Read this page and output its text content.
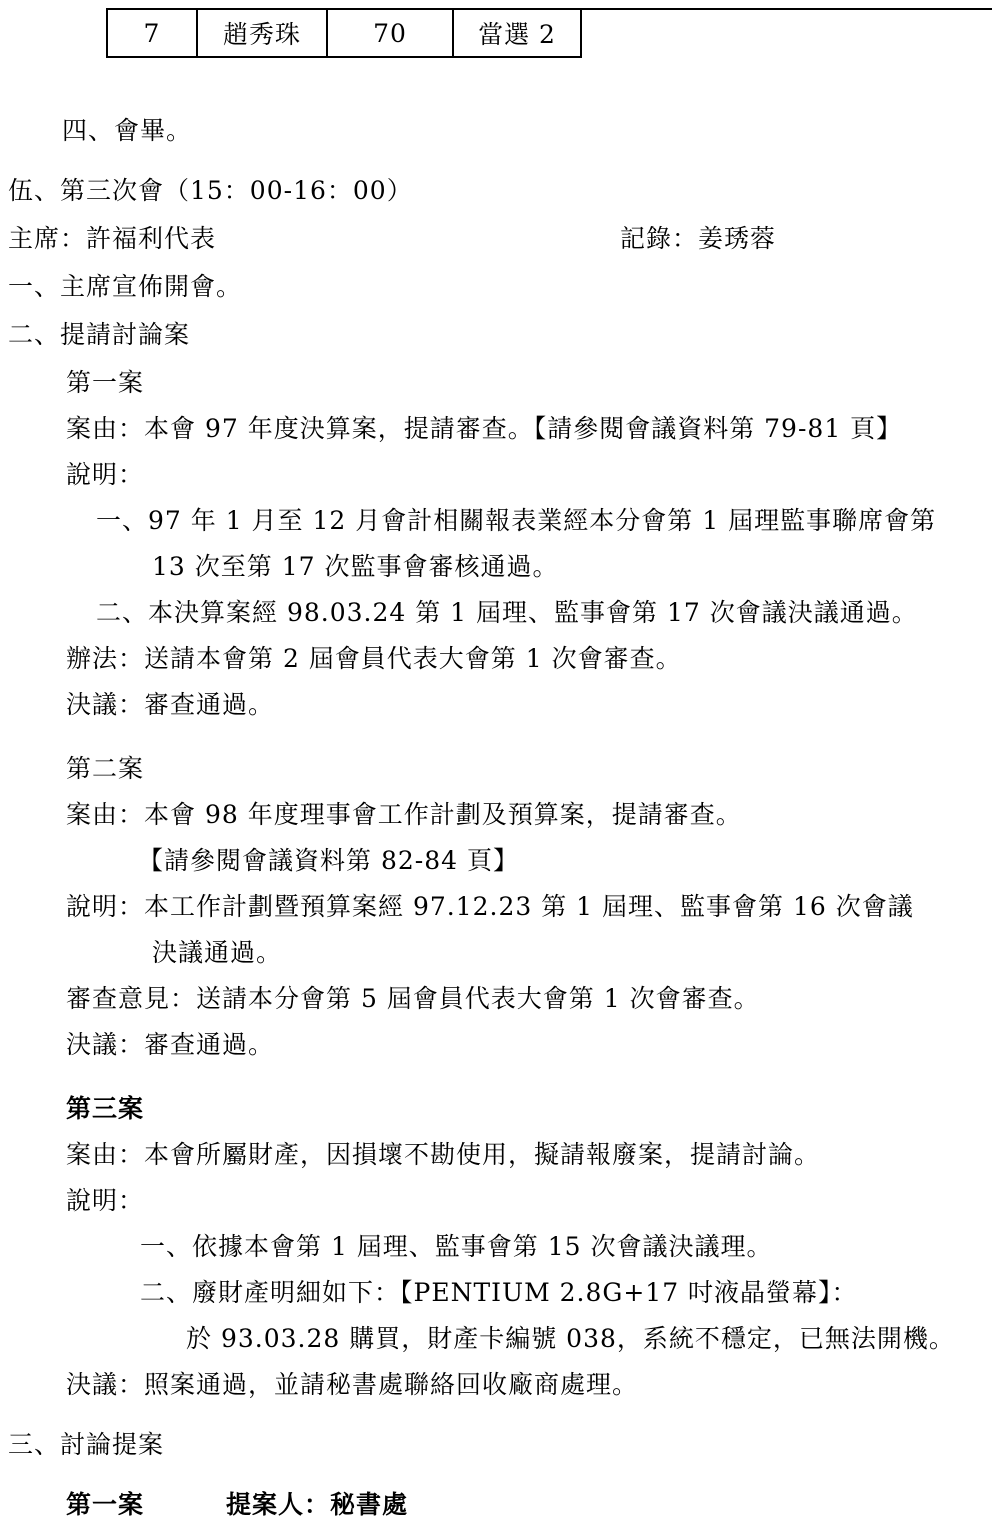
7	趙秀珠	70	當選 2
四、會畢。
伍、第三次會（15：00-16：00）
主席：許福利代表	記錄：姜琇蓉
一、主席宣佈開會。
二、提請討論案
第一案
案由：本會 97 年度決算案，提請審查。【請參閱會議資料第 79-81 頁】
說明：
一、97 年 1 月至 12 月會計相關報表業經本分會第 1 屆理監事聯席會第
13 次至第 17 次監事會審核通過。
二、本決算案經 98.03.24 第 1 屆理、監事會第 17 次會議決議通過。
辦法：送請本會第 2 屆會員代表大會第 1 次會審查。
決議：審查通過。
第二案
案由：本會 98 年度理事會工作計劃及預算案，提請審查。
【請參閱會議資料第 82-84 頁】
說明：本工作計劃暨預算案經 97.12.23 第 1 屆理、監事會第 16 次會議
決議通過。
審查意見：送請本分會第 5 屆會員代表大會第 1 次會審查。
決議：審查通過。
第三案
案由：本會所屬財產，因損壞不勘使用，擬請報廢案，提請討論。
說明：
一、依據本會第 1 屆理、監事會第 15 次會議決議理。
二、廢財產明細如下：【PENTIUM 2.8G+17 吋液晶螢幕】：
於 93.03.28 購買，財產卡編號 038，系統不穩定，已無法開機。
決議：照案通過，並請秘書處聯絡回收廠商處理。
三、討論提案
第一案	提案人：秘書處
